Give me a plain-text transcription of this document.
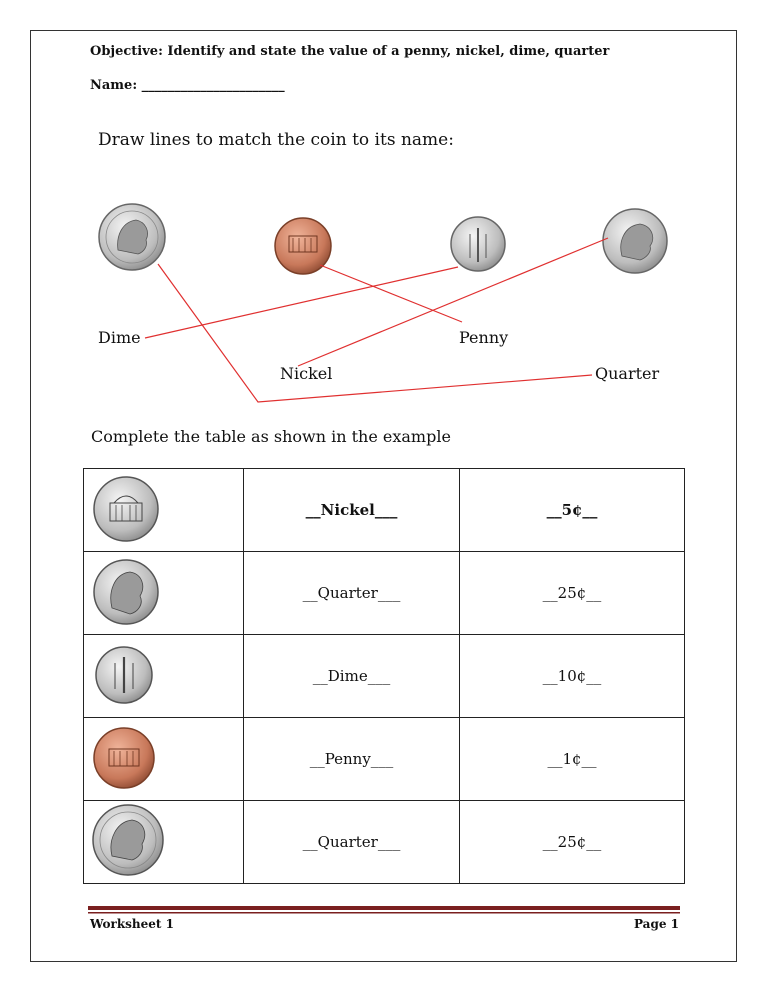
Objective: Identify and state the value of a penny, nickel, dime, quarter
Name: ______________________
Draw lines to match the coin to its name:
Dime	Penny
Nickel	Quarter
Complete the table as shown in the example
	__Nickel___	__5¢__
	__Quarter___	__25¢__
	__Dime___	__10¢__
	__Penny___	__1¢__
	__Quarter___	__25¢__
Worksheet 1	Page 1
